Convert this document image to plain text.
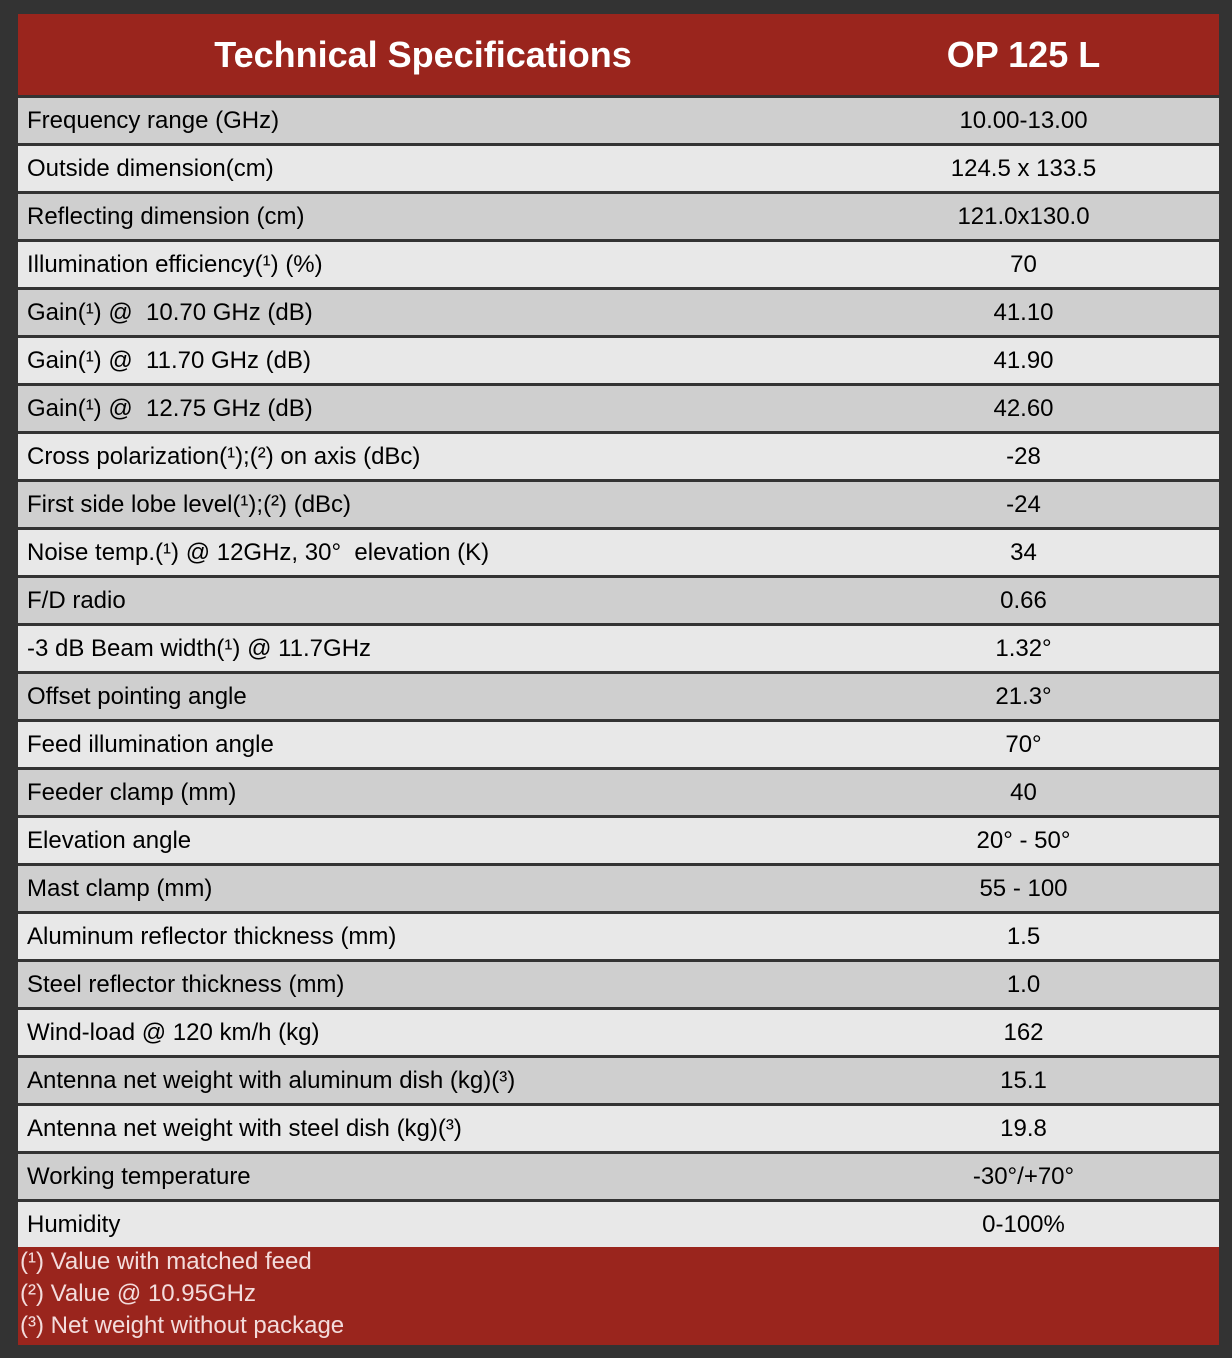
Technical Specifications	OP 125 L
Frequency range (GHz)	10.00-13.00
Outside dimension(cm)	124.5 x 133.5
Reflecting dimension (cm)	121.0x130.0
Illumination efficiency(¹) (%)	70
Gain(¹) @  10.70 GHz (dB)	41.10
Gain(¹) @  11.70 GHz (dB)	41.90
Gain(¹) @  12.75 GHz (dB)	42.60
Cross polarization(¹);(²) on axis (dBc)	-28
First side lobe level(¹);(²) (dBc)	-24
Noise temp.(¹) @ 12GHz, 30°  elevation (K)	34
F/D radio	0.66
-3 dB Beam width(¹) @ 11.7GHz	1.32°
Offset pointing angle	21.3°
Feed illumination angle	70°
Feeder clamp (mm)	40
Elevation angle	20° - 50°
Mast clamp (mm)	55 - 100
Aluminum reflector thickness (mm)	1.5
Steel reflector thickness (mm)	1.0
Wind-load @ 120 km/h (kg)	162
Antenna net weight with aluminum dish (kg)(³)	15.1
Antenna net weight with steel dish (kg)(³)	19.8
Working temperature	-30°/+70°
Humidity	0-100%
(¹) Value with matched feed
(²) Value @ 10.95GHz
(³) Net weight without package
